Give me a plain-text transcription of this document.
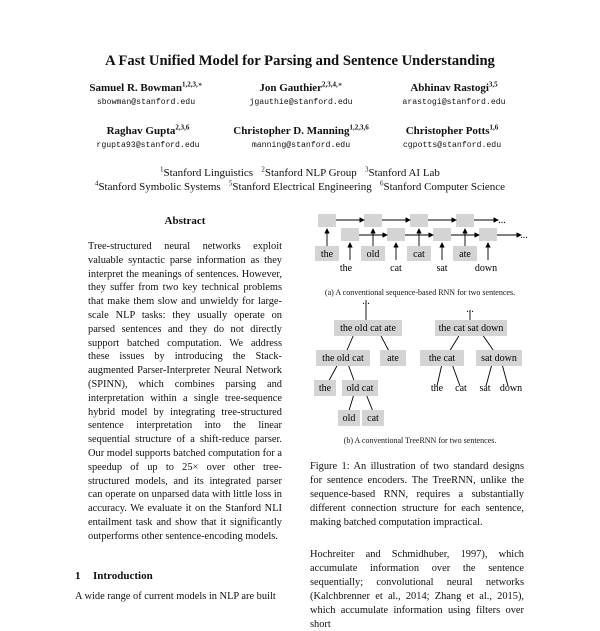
A Fast Unified Model for Parsing and Sentence Understanding
Samuel R. Bowman$^{1,2,3,∗}$
sbowman@stanford.edu
Jon Gauthier$^{2,3,4,∗}$
jgauthie@stanford.edu
Abhinav Rastogi$^{3,5}$
arastogi@stanford.edu
Raghav Gupta$^{2,3,6}$
rgupta93@stanford.edu
Christopher D. Manning$^{1,2,3,6}$
manning@stanford.edu
Christopher Potts$^{1,6}$
cgpotts@stanford.edu
$^1$Stanford Linguistics $^2$Stanford NLP Group $^3$Stanford AI Lab
$^4$Stanford Symbolic Systems $^5$Stanford Electrical Engineering $^6$Stanford Computer Science
Abstract
Tree-structured neural networks exploit valuable syntactic parse information as they interpret the meanings of sentences. However, they suffer from two key technical problems that make them slow and unwieldy for large-scale NLP tasks: they usually operate on parsed sentences and they do not directly support batched computation. We address these issues by introducing the Stack-augmented Parser-Interpreter Neural Network (SPINN), which combines parsing and interpretation within a single tree-sequence hybrid model by integrating tree-structured sentence interpretation into the linear sequential structure of a shift-reduce parser. Our model supports batched computation for a speedup of up to 25× over other tree-structured models, and its integrated parser can operate on unparsed data with little loss in accuracy. We evaluate it on the Stanford NLI entailment task and show that it significantly outperforms other sentence-encoding models.
1 Introduction
A wide range of current models in NLP are built
...
...
the	old	cat	ate
the	cat	sat	down
(a) A conventional sequence-based RNN for two sentences.
...
...
the old cat ate
the old cat ate
the old cat
old cat
the cat sat down
the cat	sat down
the cat sat down
(b) A conventional TreeRNN for two sentences.
Figure 1: An illustration of two standard designs for sentence encoders. The TreeRNN, unlike the sequence-based RNN, requires a substantially different connection structure for each sentence, making batched computation impractical.
Hochreiter and Schmidhuber, 1997), which accumulate information over the sentence sequentially; convolutional neural networks (Kalchbrenner et al., 2014; Zhang et al., 2015), which accumulate information using filters over short
